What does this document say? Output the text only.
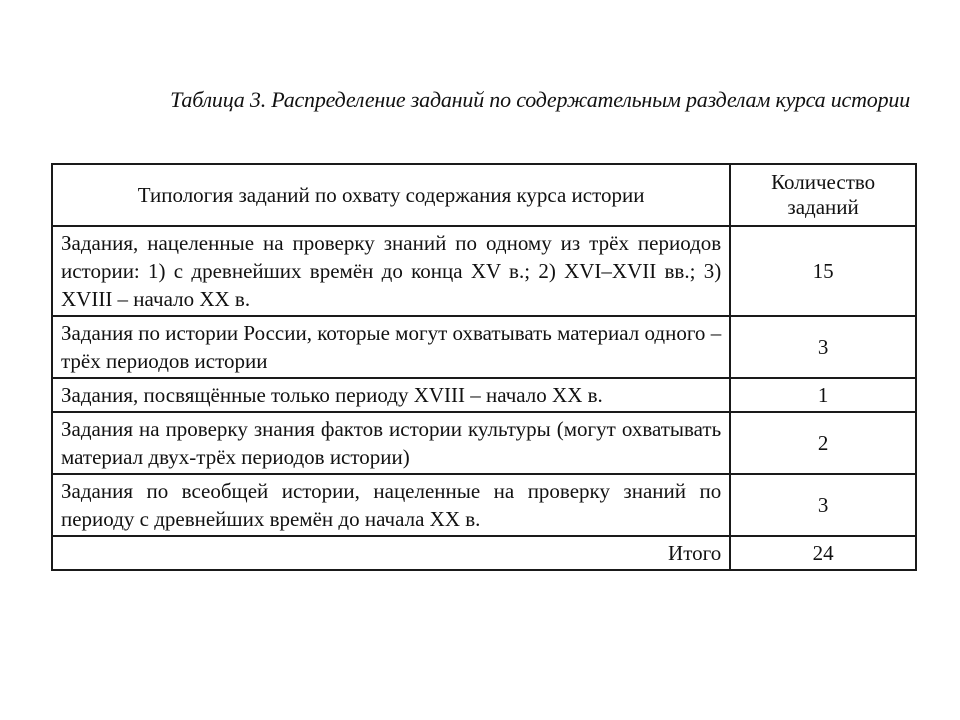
Таблица 3. Распределение заданий по содержательным разделам курса истории
Типология заданий по охвату содержания курса истории	Количество заданий
Задания, нацеленные на проверку знаний по одному из трёх периодов истории: 1) с древнейших времён до конца XV в.; 2) XVI–XVII вв.; 3) XVIII – начало XX в.	15
Задания по истории России, которые могут охватывать материал одного – трёх периодов истории	3
Задания, посвящённые только периоду XVIII – начало XX в.	1
Задания на проверку знания фактов истории культуры (могут охватывать материал двух-трёх периодов истории)	2
Задания по всеобщей истории, нацеленные на проверку знаний по периоду с древнейших времён до начала XX в.	3
Итого	24
